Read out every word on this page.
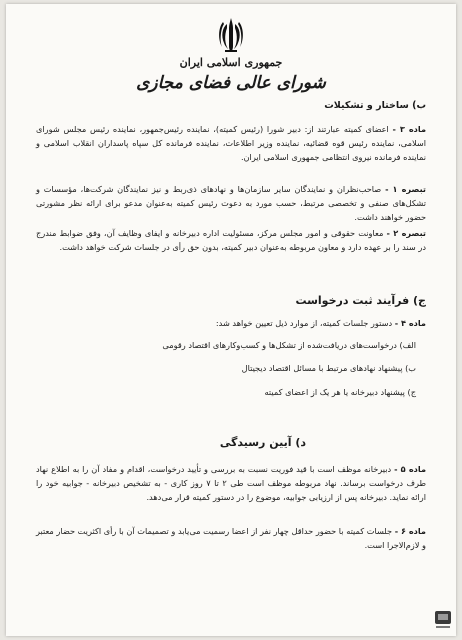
جمهوری اسلامی ایران
شورای عالی فضای مجازی
ب) ساختار و تشکیلات
ماده ۳ - اعضای کمیته عبارتند از: دبیر شورا (رئیس کمیته)، نماینده رئیس‌جمهور، نماینده رئیس مجلس شورای اسلامی، نماینده رئیس قوه قضائیه، نماینده وزیر اطلاعات، نماینده فرمانده کل سپاه پاسداران انقلاب اسلامی و نماینده فرمانده نیروی انتظامی جمهوری اسلامی ایران.
تبصره ۱ - صاحب‌نظران و نمایندگان سایر سازمان‌ها و نهادهای ذی‌ربط و نیز نمایندگان شرکت‌ها، مؤسسات و تشکل‌های صنفی و تخصصی مرتبط، حسب مورد به دعوت رئیس کمیته به‌عنوان مدعو برای ارائه نظر مشورتی حضور خواهند داشت.
تبصره ۲ - معاونت حقوقی و امور مجلس مرکز، مسئولیت اداره دبیرخانه و ایفای وظایف آن، وفق ضوابط مندرج در سند را بر عهده دارد و معاون مربوطه به‌عنوان دبیر کمیته، بدون حق رأی در جلسات شرکت خواهد داشت.
ج) فرآیند ثبت درخواست
ماده ۴ - دستور جلسات کمیته، از موارد ذیل تعیین خواهد شد:
الف) درخواست‌های دریافت‌شده از تشکل‌ها و کسب‌وکارهای اقتصاد رقومی
ب) پیشنهاد نهادهای مرتبط با مسائل اقتصاد دیجیتال
ج) پیشنهاد دبیرخانه یا هر یک از اعضای کمیته
د) آیین رسیدگی
ماده ۵ - دبیرخانه موظف است با قید فوریت نسبت به بررسی و تأیید درخواست، اقدام و مفاد آن را به اطلاع نهاد طرف درخواست برساند. نهاد مربوطه موظف است طی ۲ تا ۷ روز کاری - به تشخیص دبیرخانه - جوابیه خود را ارائه نماید. دبیرخانه پس از ارزیابی جوابیه، موضوع را در دستور کمیته قرار می‌دهد.
ماده ۶ - جلسات کمیته با حضور حداقل چهار نفر از اعضا رسمیت می‌یابد و تصمیمات آن با رأی اکثریت حضار معتبر و لازم‌الاجرا است.
